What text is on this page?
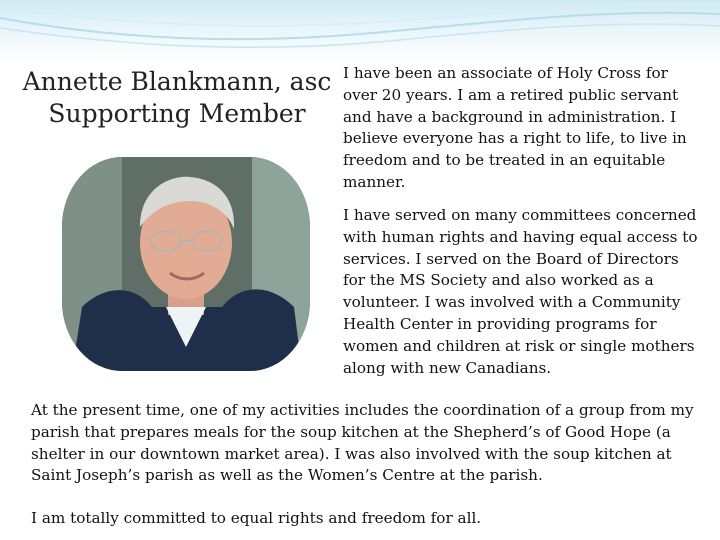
Annette Blankmann, asc
Supporting Member
I have been an associate of Holy Cross for over 20 years. I am a retired public servant and have a background in administration. I believe everyone has a right to life, to live in freedom and to be treated in an equitable manner.
I have served on many committees concerned with human rights and having equal access to services. I served on the Board of Directors for the MS Society and also worked as a volunteer. I was involved with a Community Health Center in providing programs for women and children at risk or single mothers along with new Canadians.
At the present time, one of my activities includes the coordination of a group from my parish that prepares meals for the soup kitchen at the Shepherd’s of Good Hope (a shelter in our downtown market area). I was also involved with the soup kitchen at Saint Joseph’s parish as well as the Women’s Centre at the parish.
I am totally committed to equal rights and freedom for all.
